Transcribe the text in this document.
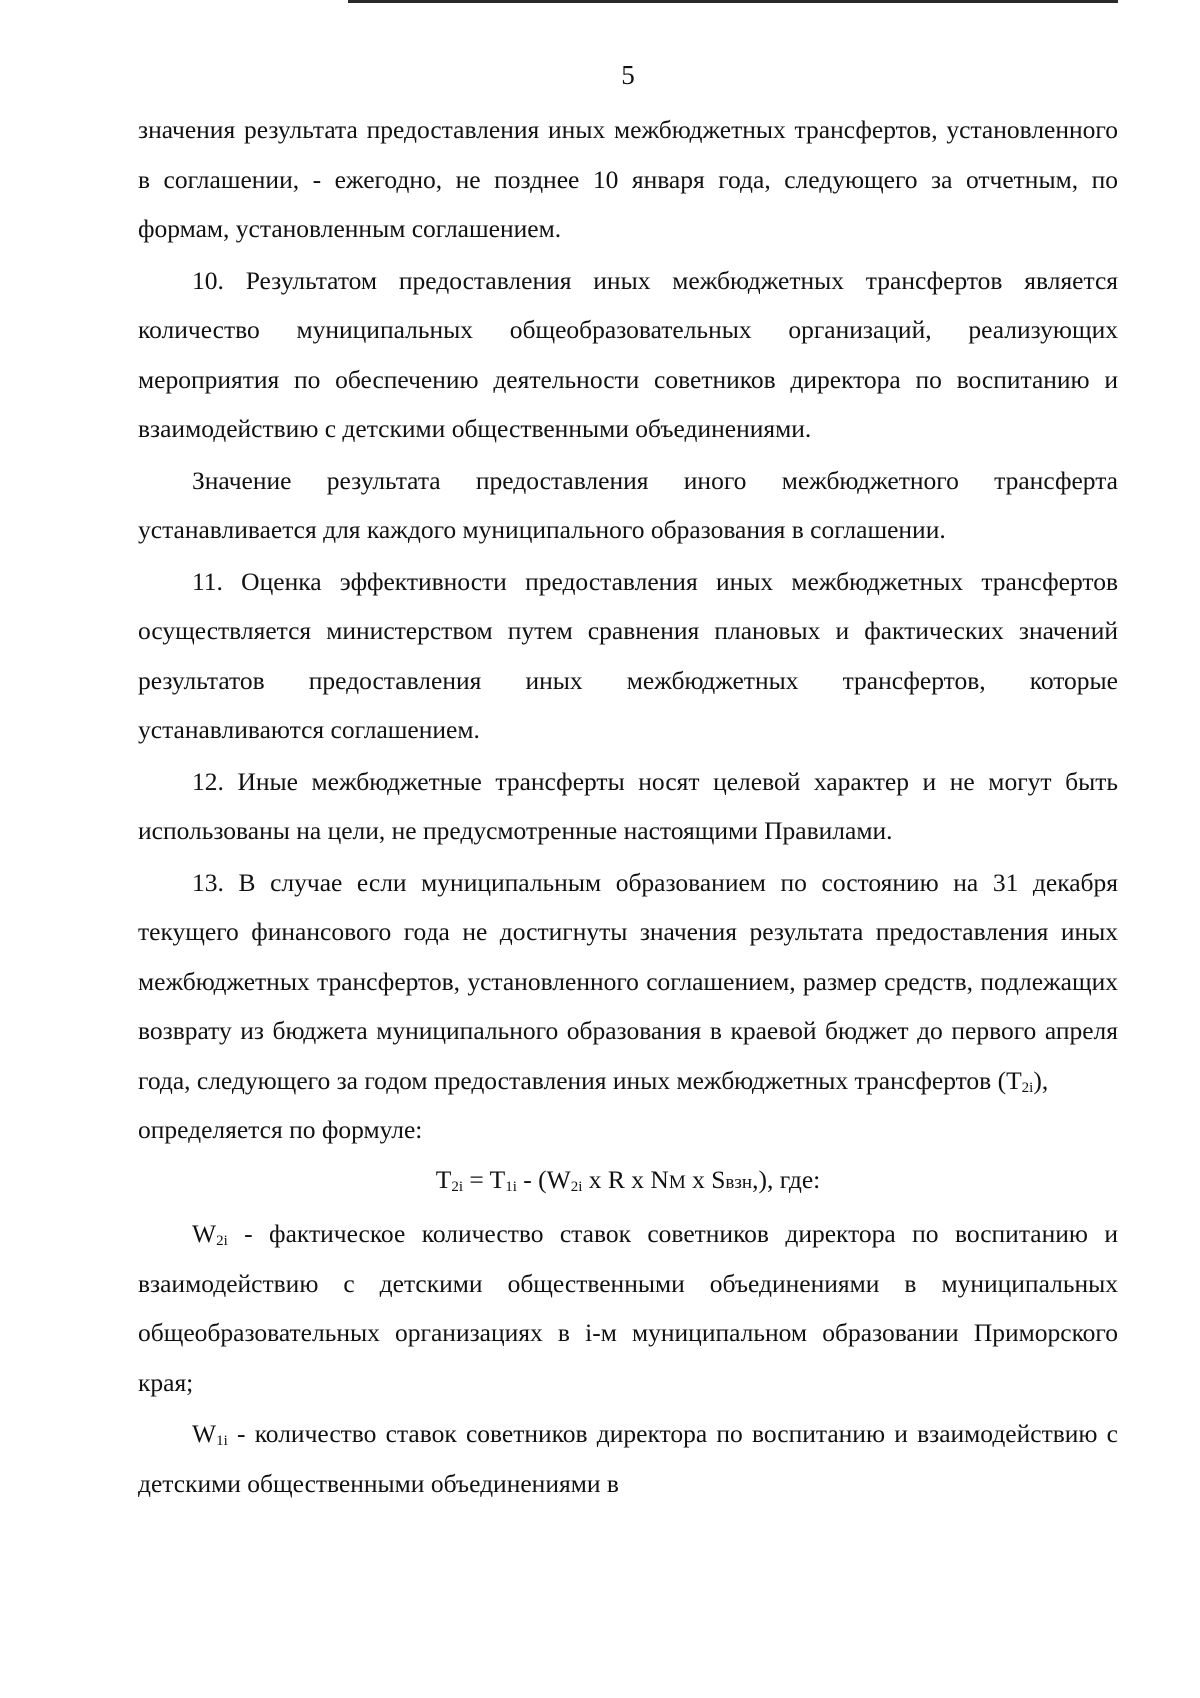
5

значения результата предоставления иных межбюджетных трансфертов, установленного в соглашении, - ежегодно, не позднее 10 января года, следующего за отчетным, по формам, установленным соглашением.

10. Результатом предоставления иных межбюджетных трансфертов является количество муниципальных общеобразовательных организаций, реализующих мероприятия по обеспечению деятельности советников директора по воспитанию и взаимодействию с детскими общественными объединениями.

Значение результата предоставления иного межбюджетного трансферта устанавливается для каждого муниципального образования в соглашении.

11. Оценка эффективности предоставления иных межбюджетных трансфертов осуществляется министерством путем сравнения плановых и фактических значений результатов предоставления иных межбюджетных трансфертов, которые устанавливаются соглашением.

12. Иные межбюджетные трансферты носят целевой характер и не могут быть использованы на цели, не предусмотренные настоящими Правилами.

13. В случае если муниципальным образованием по состоянию на 31 декабря текущего финансового года не достигнуты значения результата предоставления иных межбюджетных трансфертов, установленного соглашением, размер средств, подлежащих возврату из бюджета муниципального образования в краевой бюджет до первого апреля года, следующего за годом предоставления иных межбюджетных трансфертов $(T_{2i})$,

определяется по формуле:

$T_{2i} = T_{1i} - (W_{2i}$ x R x NМ x Sвзн,), где:

$W_{2i}$ - фактическое количество ставок советников директора по воспитанию и взаимодействию с детскими общественными объединениями в муниципальных общеобразовательных организациях в i-м муниципальном образовании Приморского края;

$W_{1i}$ - количество ставок советников директора по воспитанию и взаимодействию с детскими общественными объединениями в
